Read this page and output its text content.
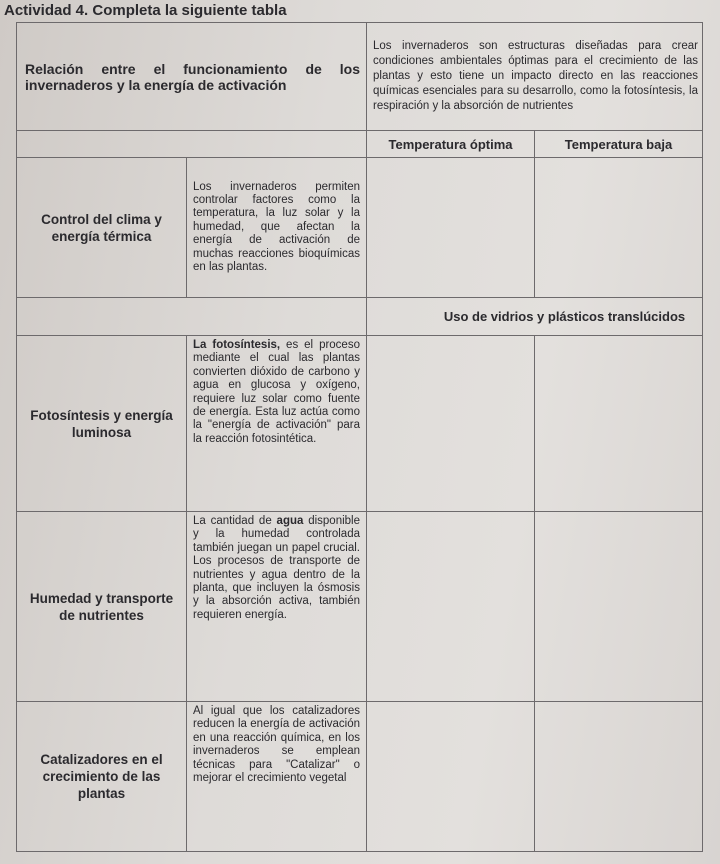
Actividad 4. Completa la siguiente tabla
Relación entre el funcionamiento de los invernaderos y la energía de activación		Los invernaderos son estructuras diseñadas para crear condiciones ambientales óptimas para el crecimiento de las plantas y esto tiene un impacto directo en las reacciones químicas esenciales para su desarrollo, como la fotosíntesis, la respiración y la absorción de nutrientes	
		Temperatura óptima	Temperatura baja
Control del clima y energía térmica	Los invernaderos permiten controlar factores como la temperatura, la luz solar y la humedad, que afectan la energía de activación de muchas reacciones bioquímicas en las plantas.		
		Uso de vidrios y plásticos translúcidos	
Fotosíntesis y energía luminosa	La fotosíntesis, es el proceso mediante el cual las plantas convierten dióxido de carbono y agua en glucosa y oxígeno, requiere luz solar como fuente de energía. Esta luz actúa como la "energía de activación" para la reacción fotosintética.		
Humedad y transporte de nutrientes	La cantidad de agua disponible y la humedad controlada también juegan un papel crucial. Los procesos de transporte de nutrientes y agua dentro de la planta, que incluyen la ósmosis y la absorción activa, también requieren energía.		
Catalizadores en el crecimiento de las plantas	Al igual que los catalizadores reducen la energía de activación en una reacción química, en los invernaderos se emplean técnicas para "Catalizar" o mejorar el crecimiento vegetal		
